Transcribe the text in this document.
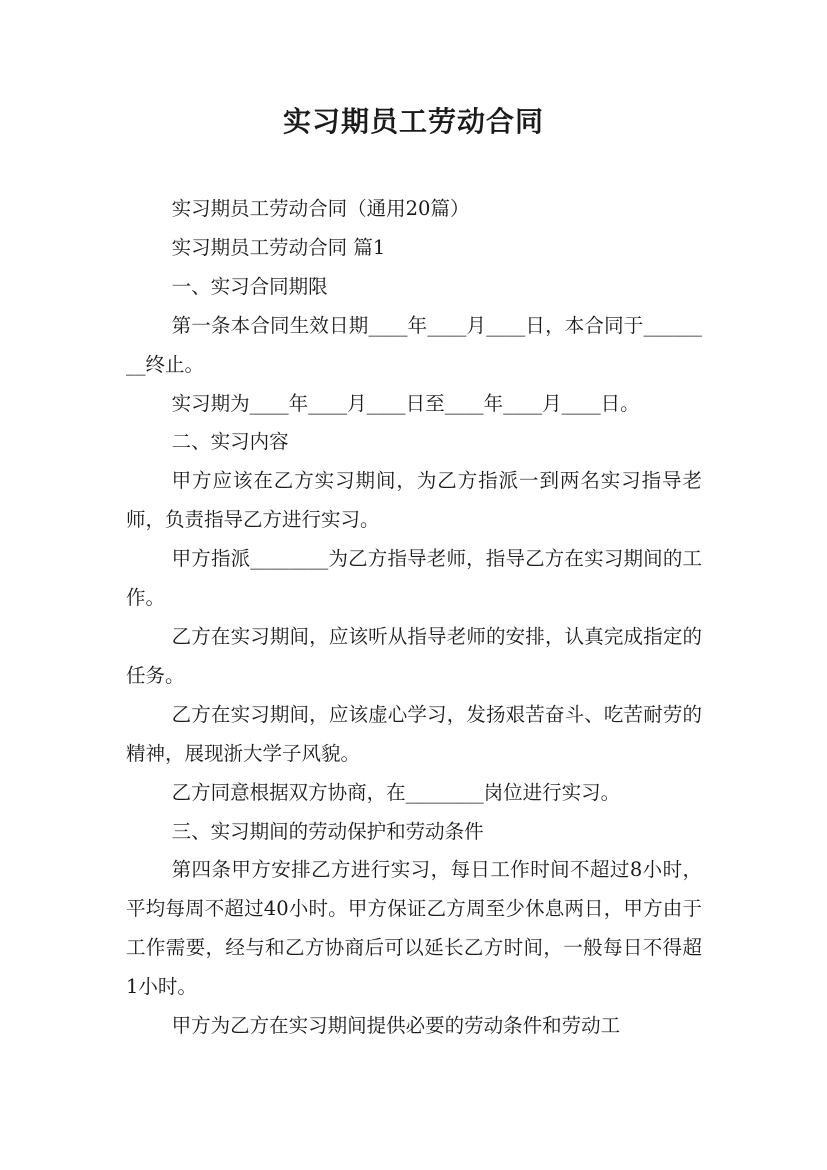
实习期员工劳动合同

实习期员工劳动合同（通用20篇）

实习期员工劳动合同 篇1

一、实习合同期限

第一条本合同生效日期____年____月____日，本合同于________终止。

实习期为____年____月____日至____年____月____日。

二、实习内容

甲方应该在乙方实习期间，为乙方指派一到两名实习指导老师，负责指导乙方进行实习。

甲方指派________为乙方指导老师，指导乙方在实习期间的工作。

乙方在实习期间，应该听从指导老师的安排，认真完成指定的任务。

乙方在实习期间，应该虚心学习，发扬艰苦奋斗、吃苦耐劳的精神，展现浙大学子风貌。

乙方同意根据双方协商，在________岗位进行实习。

三、实习期间的劳动保护和劳动条件

第四条甲方安排乙方进行实习，每日工作时间不超过8小时，平均每周不超过40小时。甲方保证乙方周至少休息两日，甲方由于工作需要，经与和乙方协商后可以延长乙方时间，一般每日不得超1小时。

甲方为乙方在实习期间提供必要的劳动条件和劳动工
